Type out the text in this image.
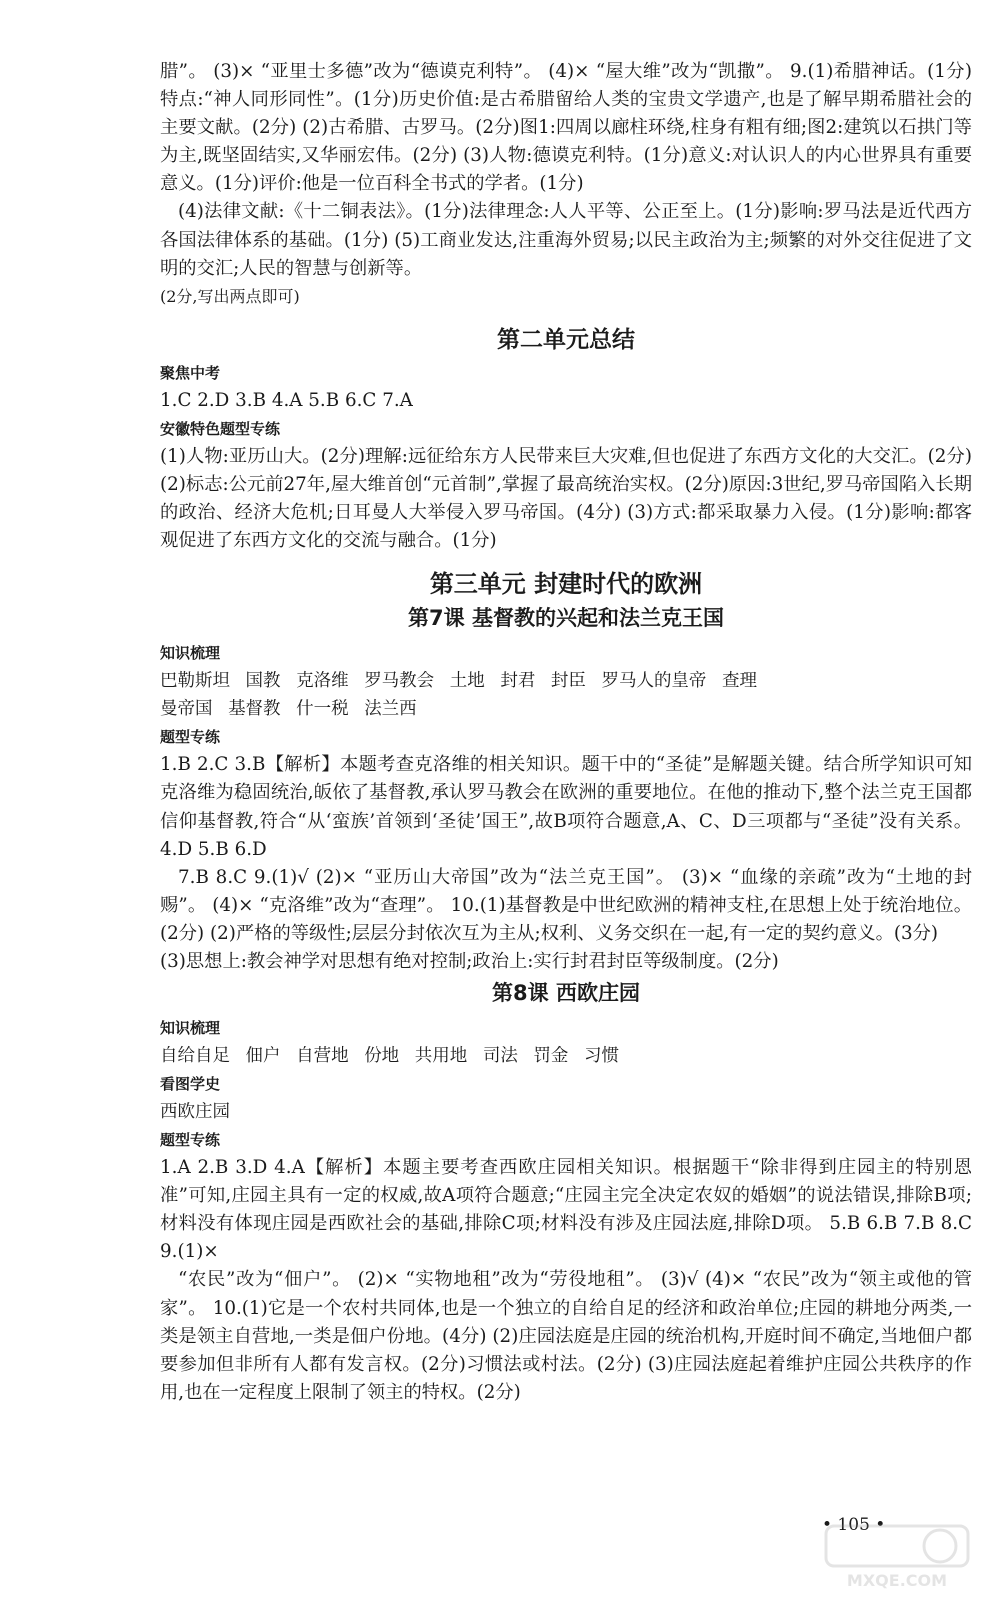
腊”。 (3)× “亚里士多德”改为“德谟克利特”。 (4)× “屋大维”改为“凯撒”。 9.(1)希腊神话。(1分)特点:“神人同形同性”。(1分)历史价值:是古希腊留给人类的宝贵文学遗产,也是了解早期希腊社会的主要文献。(2分) (2)古希腊、古罗马。(2分)图1:四周以廊柱环绕,柱身有粗有细;图2:建筑以石拱门等为主,既坚固结实,又华丽宏伟。(2分) (3)人物:德谟克利特。(1分)意义:对认识人的内心世界具有重要意义。(1分)评价:他是一位百科全书式的学者。(1分)

(4)法律文献:《十二铜表法》。(1分)法律理念:人人平等、公正至上。(1分)影响:罗马法是近代西方各国法律体系的基础。(1分) (5)工商业发达,注重海外贸易;以民主政治为主;频繁的对外交往促进了文明的交汇;人民的智慧与创新等。

(2分,写出两点即可)

第二单元总结

聚焦中考

1.C 2.D 3.B 4.A 5.B 6.C 7.A

安徽特色题型专练

(1)人物:亚历山大。(2分)理解:远征给东方人民带来巨大灾难,但也促进了东西方文化的大交汇。(2分) (2)标志:公元前27年,屋大维首创“元首制”,掌握了最高统治实权。(2分)原因:3世纪,罗马帝国陷入长期的政治、经济大危机;日耳曼人大举侵入罗马帝国。(4分) (3)方式:都采取暴力入侵。(1分)影响:都客观促进了东西方文化的交流与融合。(1分)

第三单元 封建时代的欧洲
第7课 基督教的兴起和法兰克王国

知识梳理

巴勒斯坦 国教 克洛维 罗马教会 土地 封君 封臣 罗马人的皇帝 查理

曼帝国 基督教 什一税 法兰西

题型专练

1.B 2.C 3.B【解析】本题考查克洛维的相关知识。题干中的“圣徒”是解题关键。结合所学知识可知克洛维为稳固统治,皈依了基督教,承认罗马教会在欧洲的重要地位。在他的推动下,整个法兰克王国都信仰基督教,符合“从‘蛮族’首领到‘圣徒’国王”,故B项符合题意,A、C、D三项都与“圣徒”没有关系。 4.D 5.B 6.D

7.B 8.C 9.(1)√ (2)× “亚历山大帝国”改为“法兰克王国”。 (3)× “血缘的亲疏”改为“土地的封赐”。 (4)× “克洛维”改为“查理”。 10.(1)基督教是中世纪欧洲的精神支柱,在思想上处于统治地位。(2分) (2)严格的等级性;层层分封依次互为主从;权利、义务交织在一起,有一定的契约意义。(3分)

(3)思想上:教会神学对思想有绝对控制;政治上:实行封君封臣等级制度。(2分)

第8课 西欧庄园

知识梳理

自给自足 佃户 自营地 份地 共用地 司法 罚金 习惯

看图学史

西欧庄园

题型专练

1.A 2.B 3.D 4.A【解析】本题主要考查西欧庄园相关知识。根据题干“除非得到庄园主的特别恩准”可知,庄园主具有一定的权威,故A项符合题意;“庄园主完全决定农奴的婚姻”的说法错误,排除B项;材料没有体现庄园是西欧社会的基础,排除C项;材料没有涉及庄园法庭,排除D项。 5.B 6.B 7.B 8.C 9.(1)×

“农民”改为“佃户”。 (2)× “实物地租”改为“劳役地租”。 (3)√ (4)× “农民”改为“领主或他的管家”。 10.(1)它是一个农村共同体,也是一个独立的自给自足的经济和政治单位;庄园的耕地分两类,一类是领主自营地,一类是佃户份地。(4分) (2)庄园法庭是庄园的统治机构,开庭时间不确定,当地佃户都要参加但非所有人都有发言权。(2分)习惯法或村法。(2分) (3)庄园法庭起着维护庄园公共秩序的作用,也在一定程度上限制了领主的特权。(2分)

• 105 •
MXQE.COM
